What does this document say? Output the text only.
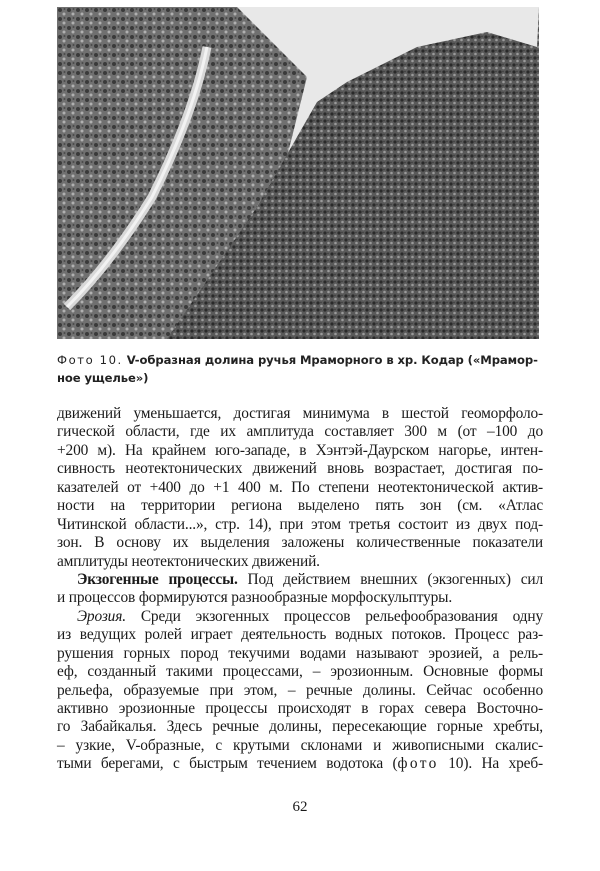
Фото 10. V-образная долина ручья Мраморного в хр. Кодар («Мрамор-
ное ущелье»)
движений уменьшается, достигая минимума в шестой геоморфоло-
гической области, где их амплитуда составляет 300 м (от –100 до
+200 м). На крайнем юго-западе, в Хэнтэй-Даурском нагорье, интен-
сивность неотектонических движений вновь возрастает, достигая по-
казателей от +400 до +1 400 м. По степени неотектонической актив-
ности на территории региона выделено пять зон (см. «Атлас
Читинской области...», стр. 14), при этом третья состоит из двух под-
зон. В основу их выделения заложены количественные показатели
амплитуды неотектонических движений.
Экзогенные процессы. Под действием внешних (экзогенных) сил
и процессов формируются разнообразные морфоскульптуры.
Эрозия. Среди экзогенных процессов рельефообразования одну
из ведущих ролей играет деятельность водных потоков. Процесс раз-
рушения горных пород текучими водами называют эрозией, а рель-
еф, созданный такими процессами, – эрозионным. Основные формы
рельефа, образуемые при этом, – речные долины. Сейчас особенно
активно эрозионные процессы происходят в горах севера Восточно-
го Забайкалья. Здесь речные долины, пересекающие горные хребты,
– узкие, V-образные, с крутыми склонами и живописными скалис-
тыми берегами, с быстрым течением водотока (фото 10). На хреб-
62
